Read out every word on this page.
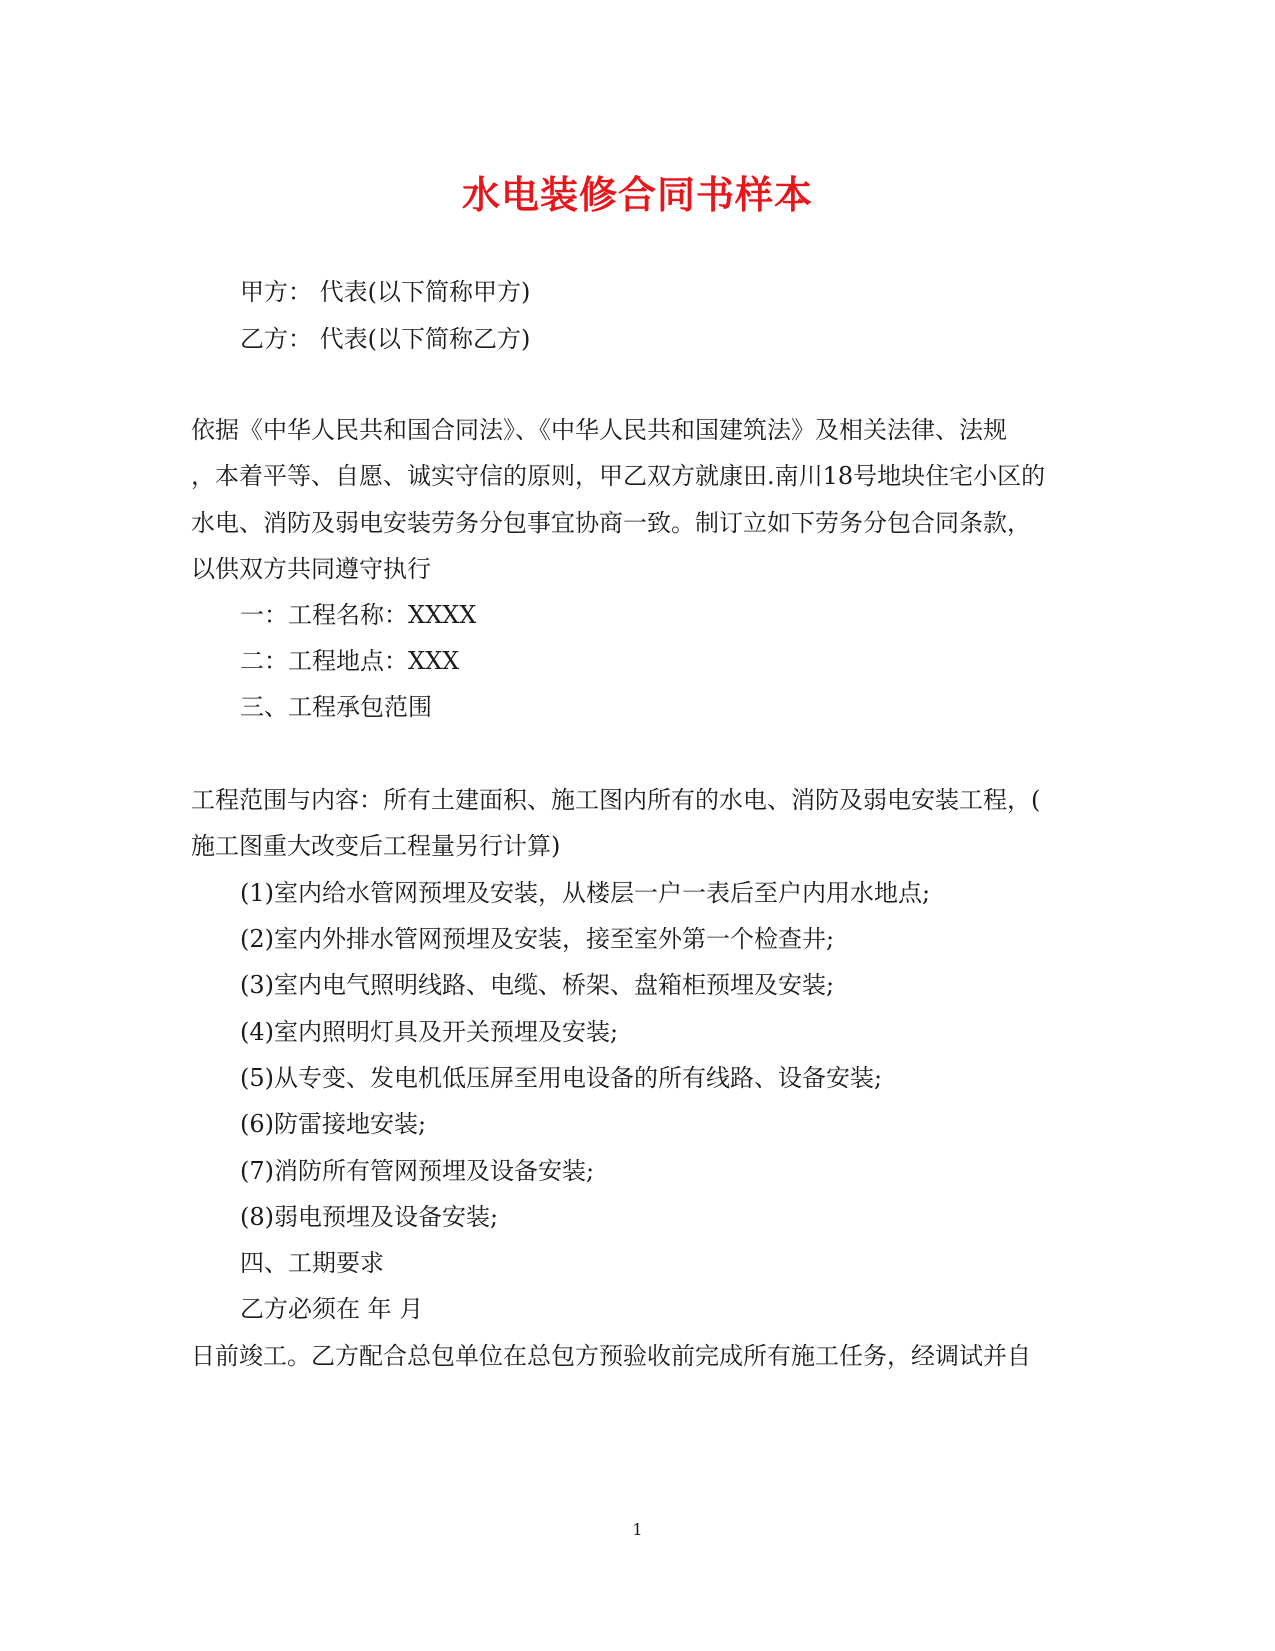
水电装修合同书样本
甲方： 代表(以下简称甲方)
乙方： 代表(以下简称乙方)
依据《中华人民共和国合同法》、《中华人民共和国建筑法》及相关法律、法规
，本着平等、自愿、诚实守信的原则，甲乙双方就康田.南川18号地块住宅小区的
水电、消防及弱电安装劳务分包事宜协商一致。制订立如下劳务分包合同条款，
以供双方共同遵守执行
一：工程名称：XXXX
二：工程地点：XXX
三、工程承包范围
工程范围与内容：所有土建面积、施工图内所有的水电、消防及弱电安装工程，(
施工图重大改变后工程量另行计算)
(1)室内给水管网预埋及安装，从楼层一户一表后至户内用水地点;
(2)室内外排水管网预埋及安装，接至室外第一个检查井;
(3)室内电气照明线路、电缆、桥架、盘箱柜预埋及安装;
(4)室内照明灯具及开关预埋及安装;
(5)从专变、发电机低压屏至用电设备的所有线路、设备安装;
(6)防雷接地安装;
(7)消防所有管网预埋及设备安装;
(8)弱电预埋及设备安装;
四、工期要求
乙方必须在 年 月
日前竣工。乙方配合总包单位在总包方预验收前完成所有施工任务，经调试并自
1
